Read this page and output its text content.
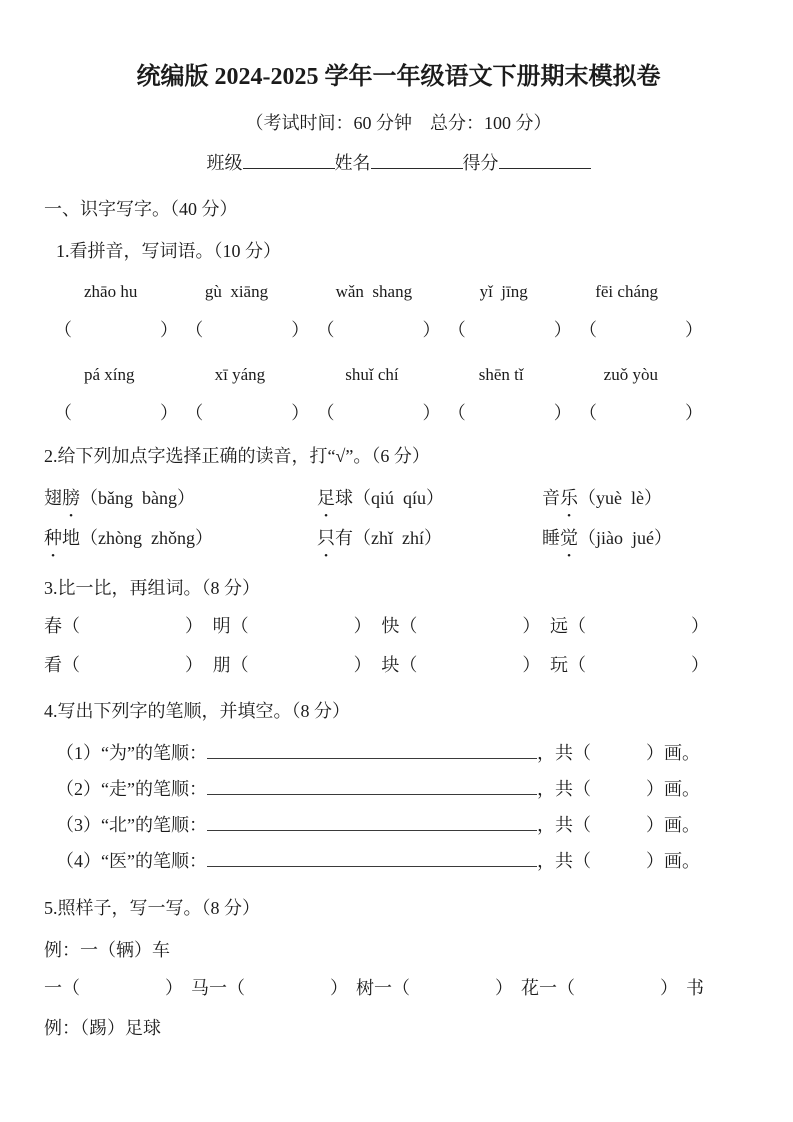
统编版 2024-2025 学年一年级语文下册期末模拟卷
（考试时间：60 分钟　总分：100 分）
班级	姓名	得分
一、识字写字。（40 分）
1.看拼音，写词语。（10 分）
zhāo hu	gù  xiāng	wǎn  shang	yǐ  jīng	fēi cháng
（	） （	） （	） （	） （	）
pá xíng	xī yáng	shuǐ chí	shēn tǐ	zuǒ yòu
（	） （	） （	） （	） （	）
2.给下列加点字选择正确的读音，打“√”。（6 分）
翅膀（bǎng  bàng）	足球（qiú  qíu）	音乐（yuè  lè）
种地（zhòng  zhǒng）	只有（zhǐ  zhí）	睡觉（jiào  jué）
3.比一比，再组词。（8 分）
春（	） 明（	） 快（	） 远（	）
看（	） 朋（	） 块（	） 玩（	）
4.写出下列字的笔顺，并填空。（8 分）
（1）“为”的笔顺：	，共（	）画。
（2）“走”的笔顺：	，共（	）画。
（3）“北”的笔顺：	，共（	）画。
（4）“医”的笔顺：	，共（	）画。
5.照样子，写一写。（8 分）
例：一（辆）车
一（	） 马 一（	） 树 一（	） 花 一（	） 书
例：（踢）足球
